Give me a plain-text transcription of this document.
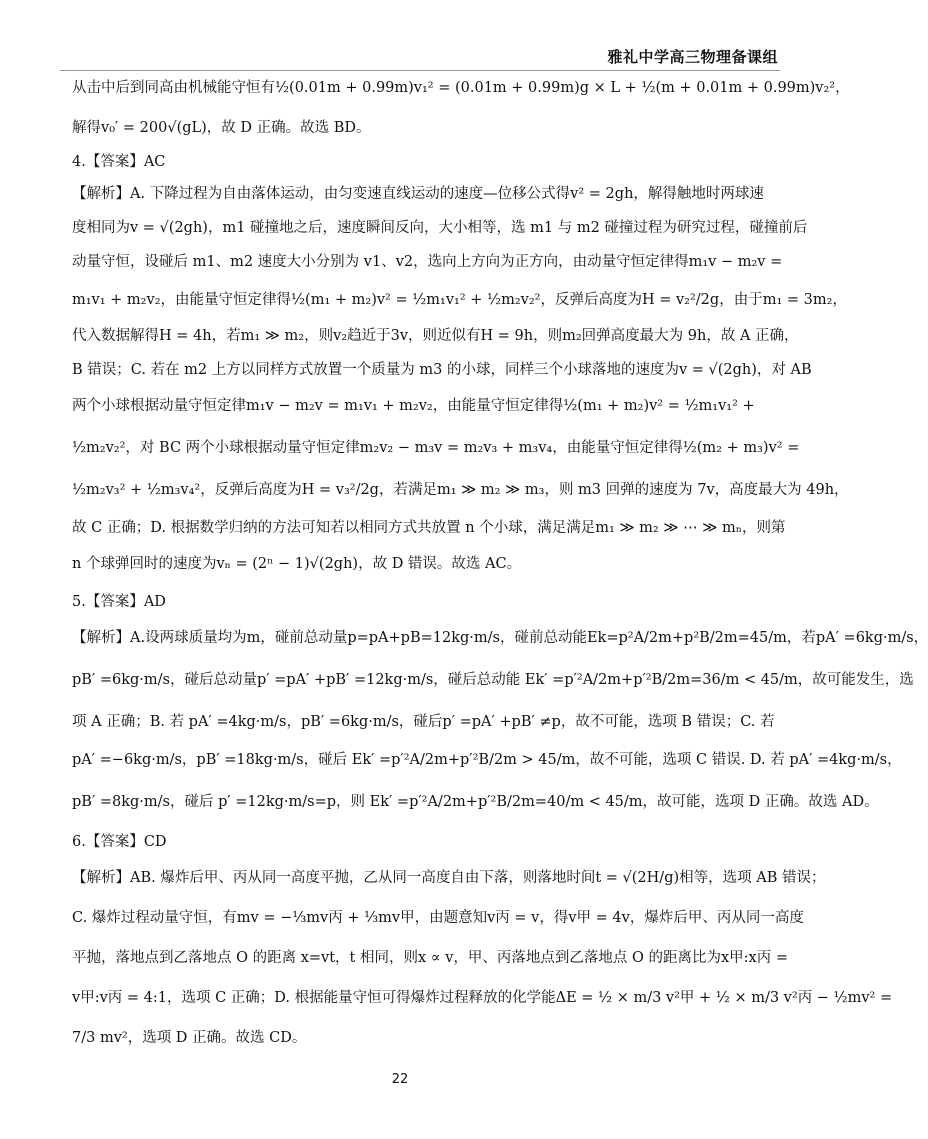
雅礼中学高三物理备课组
从击中后到同高由机械能守恒有½(0.01m + 0.99m)v₁² = (0.01m + 0.99m)g × L + ½(m + 0.01m + 0.99m)v₂²，
解得v₀′ = 200√(gL)，故 D 正确。故选 BD。
4.【答案】AC
【解析】A. 下降过程为自由落体运动，由匀变速直线运动的速度—位移公式得v² = 2gh，解得触地时两球速
度相同为v = √(2gh)，m1 碰撞地之后，速度瞬间反向，大小相等，选 m1 与 m2 碰撞过程为研究过程，碰撞前后
动量守恒，设碰后 m1、m2 速度大小分别为 v1、v2，选向上方向为正方向，由动量守恒定律得m₁v − m₂v =
m₁v₁ + m₂v₂，由能量守恒定律得½(m₁ + m₂)v² = ½m₁v₁² + ½m₂v₂²，反弹后高度为H = v₂²/2g，由于m₁ = 3m₂，
代入数据解得H = 4h，若m₁ ≫ m₂，则v₂趋近于3v，则近似有H = 9h，则m₂回弹高度最大为 9h，故 A 正确，
B 错误；C. 若在 m2 上方以同样方式放置一个质量为 m3 的小球，同样三个小球落地的速度为v = √(2gh)，对 AB
两个小球根据动量守恒定律m₁v − m₂v = m₁v₁ + m₂v₂，由能量守恒定律得½(m₁ + m₂)v² = ½m₁v₁² +
½m₂v₂²，对 BC 两个小球根据动量守恒定律m₂v₂ − m₃v = m₂v₃ + m₃v₄，由能量守恒定律得½(m₂ + m₃)v² =
½m₂v₃² + ½m₃v₄²，反弹后高度为H = v₃²/2g，若满足m₁ ≫ m₂ ≫ m₃，则 m3 回弹的速度为 7v，高度最大为 49h，
故 C 正确；D. 根据数学归纳的方法可知若以相同方式共放置 n 个小球，满足满足m₁ ≫ m₂ ≫ ⋯ ≫ mₙ，则第
n 个球弹回时的速度为vₙ = (2ⁿ − 1)√(2gh)，故 D 错误。故选 AC。
5.【答案】AD
【解析】A.设两球质量均为m，碰前总动量p=pA+pB=12kg·m/s，碰前总动能Ek=p²A/2m+p²B/2m=45/m，若pA′ =6kg·m/s，
pB′ =6kg·m/s，碰后总动量p′ =pA′ +pB′ =12kg·m/s，碰后总动能 Ek′ =p′²A/2m+p′²B/2m=36/m < 45/m，故可能发生，选
项 A 正确；B. 若 pA′ =4kg·m/s，pB′ =6kg·m/s，碰后p′ =pA′ +pB′ ≠p，故不可能，选项 B 错误；C. 若
pA′ =−6kg·m/s，pB′ =18kg·m/s，碰后 Ek′ =p′²A/2m+p′²B/2m > 45/m，故不可能，选项 C 错误. D. 若 pA′ =4kg·m/s，
pB′ =8kg·m/s，碰后 p′ =12kg·m/s=p，则 Ek′ =p′²A/2m+p′²B/2m=40/m < 45/m，故可能，选项 D 正确。故选 AD。
6.【答案】CD
【解析】AB. 爆炸后甲、丙从同一高度平抛，乙从同一高度自由下落，则落地时间t = √(2H/g)相等，选项 AB 错误；
C. 爆炸过程动量守恒，有mv = −⅓mv丙 + ⅓mv甲，由题意知v丙 = v，得v甲 = 4v，爆炸后甲、丙从同一高度
平抛，落地点到乙落地点 O 的距离 x=vt，t 相同，则x ∝ v，甲、丙落地点到乙落地点 O 的距离比为x甲:x丙 =
v甲:v丙 = 4:1，选项 C 正确；D. 根据能量守恒可得爆炸过程释放的化学能ΔE = ½ × m/3 v²甲 + ½ × m/3 v²丙 − ½mv² =
7/3 mv²，选项 D 正确。故选 CD。
22
